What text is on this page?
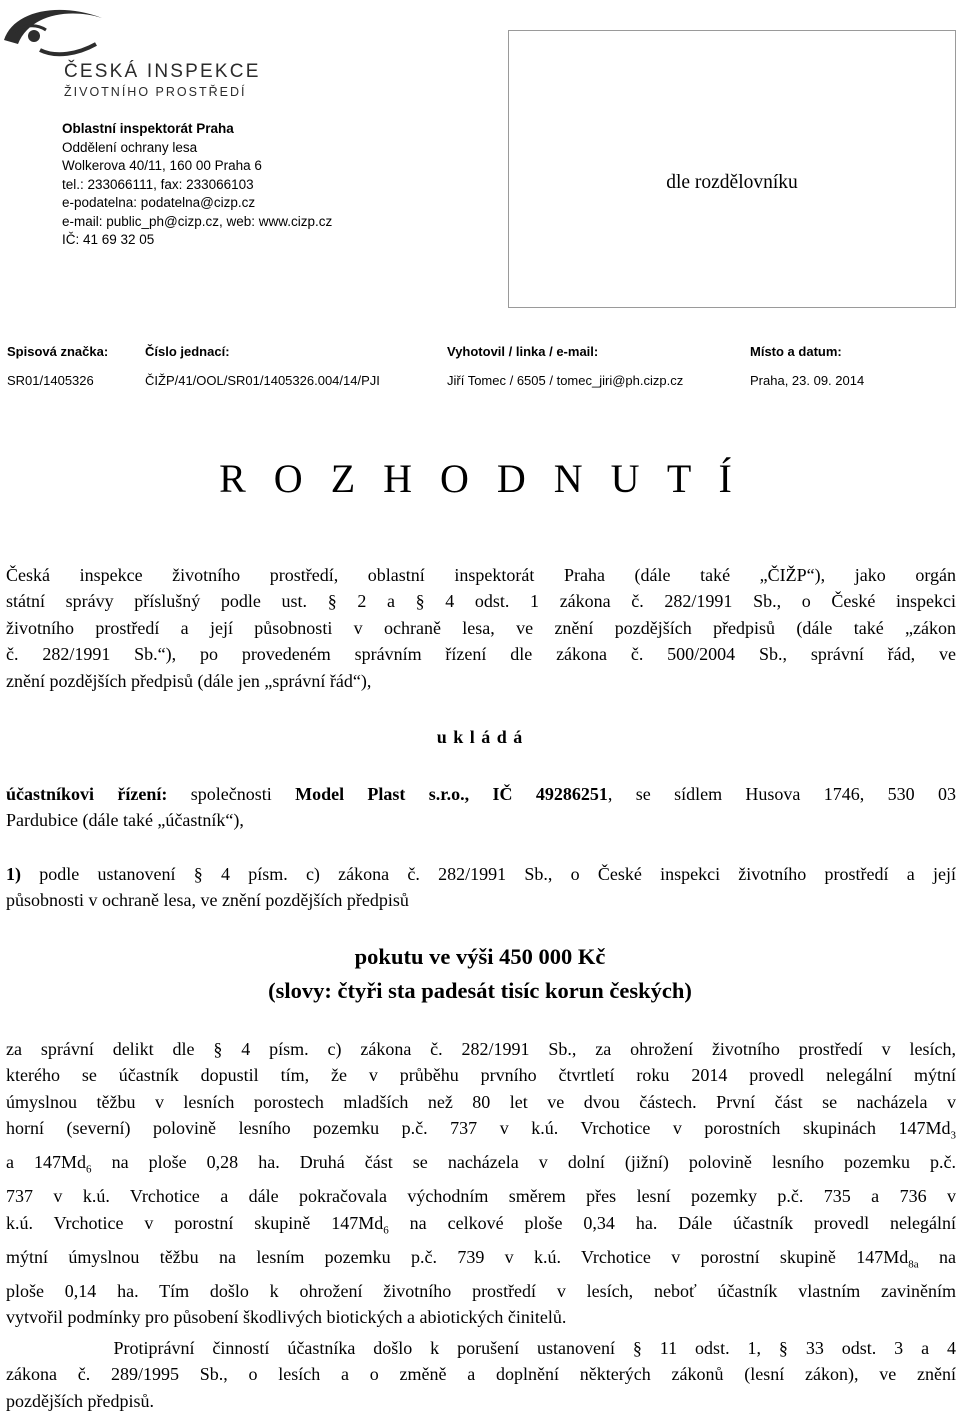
ČESKÁ INSPEKCE
ŽIVOTNÍHO PROSTŘEDÍ
Oblastní inspektorát Praha
Oddělení ochrany lesa
Wolkerova 40/11, 160 00 Praha 6
tel.: 233066111, fax: 233066103
e-podatelna: podatelna@cizp.cz
e-mail: public_ph@cizp.cz, web: www.cizp.cz
IČ: 41 69 32 05
dle rozdělovníku
Spisová značka:	Číslo jednací:	Vyhotovil / linka / e-mail:	Místo a datum:
SR01/1405326	ČIŽP/41/OOL/SR01/1405326.004/14/PJI	Jiří Tomec / 6505 / tomec_jiri@ph.cizp.cz	Praha, 23. 09. 2014
R O Z H O D N U T Í
Česká inspekce životního prostředí, oblastní inspektorát Praha (dále také „ČIŽP“), jako orgán
státní správy příslušný podle ust. § 2 a § 4 odst. 1 zákona č. 282/1991 Sb., o České inspekci
životního prostředí a její působnosti v ochraně lesa, ve znění pozdějších předpisů (dále také „zákon
č. 282/1991 Sb.“), po provedeném správním řízení dle zákona č. 500/2004 Sb., správní řád, ve
znění pozdějších předpisů (dále jen „správní řád“),
u k l á d á
účastníkovi řízení: společnosti Model Plast s.r.o., IČ 49286251, se sídlem Husova 1746, 530 03
Pardubice (dále také „účastník“),
1) podle ustanovení § 4 písm. c) zákona č. 282/1991 Sb., o České inspekci životního prostředí a její
působnosti v ochraně lesa, ve znění pozdějších předpisů
pokutu ve výši 450 000 Kč
(slovy: čtyři sta padesát tisíc korun českých)
za správní delikt dle § 4 písm. c) zákona č. 282/1991 Sb., za ohrožení životního prostředí v lesích,
kterého se účastník dopustil tím, že v průběhu prvního čtvrtletí roku 2014 provedl nelegální mýtní
úmyslnou těžbu v lesních porostech mladších než 80 let ve dvou částech. První část se nacházela v
horní (severní) polovině lesního pozemku p.č. 737 v k.ú. Vrchotice v porostních skupinách $147Md_3$
a $147Md_6$ na ploše 0,28 ha. Druhá část se nacházela v dolní (jižní) polovině lesního pozemku p.č.
737 v k.ú. Vrchotice a dále pokračovala východním směrem přes lesní pozemky p.č. 735 a 736 v
k.ú. Vrchotice v porostní skupině $147Md_6$ na celkové ploše 0,34 ha. Dále účastník provedl nelegální
mýtní úmyslnou těžbu na lesním pozemku p.č. 739 v k.ú. Vrchotice v porostní skupině $147Md_{8a}$ na
ploše 0,14 ha. Tím došlo k ohrožení životního prostředí v lesích, neboť účastník vlastním zaviněním
vytvořil podmínky pro působení škodlivých biotických a abiotických činitelů.
Protiprávní činností účastníka došlo k porušení ustanovení § 11 odst. 1, § 33 odst. 3 a 4
zákona č. 289/1995 Sb., o lesích a o změně a doplnění některých zákonů (lesní zákon), ve znění
pozdějších předpisů.
